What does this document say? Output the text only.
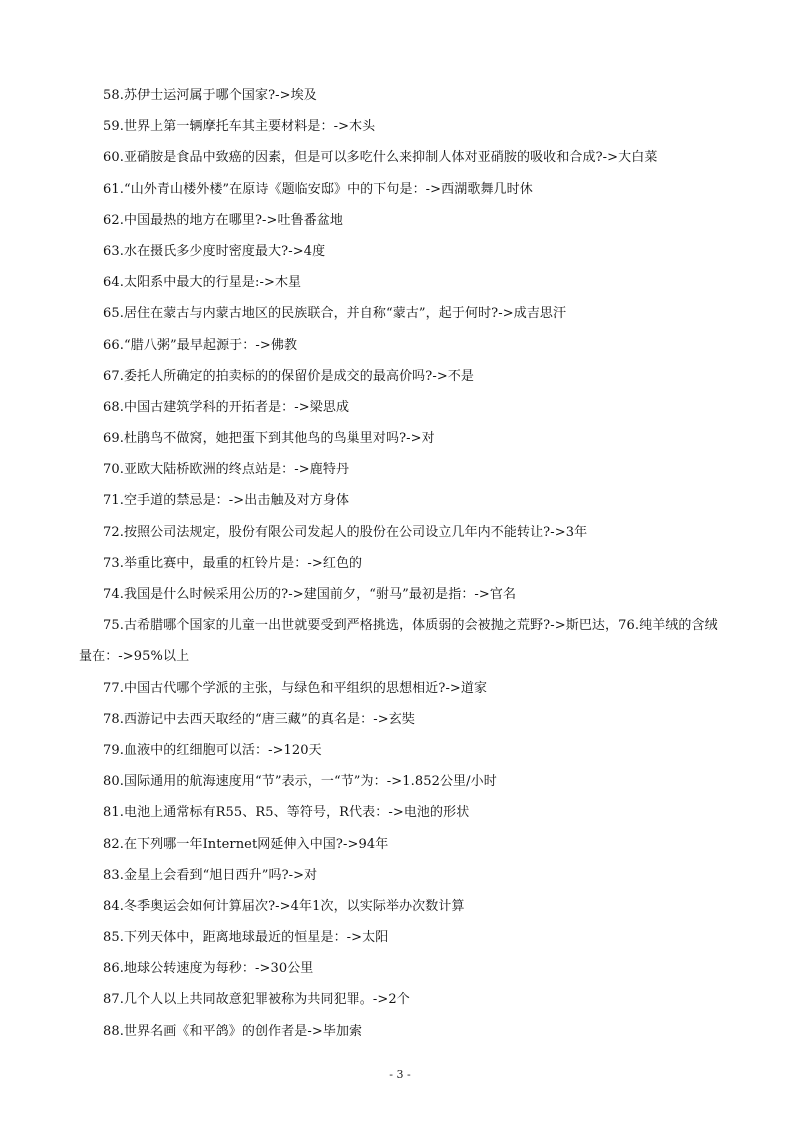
58.苏伊士运河属于哪个国家?->埃及
59.世界上第一辆摩托车其主要材料是：->木头
60.亚硝胺是食品中致癌的因素，但是可以多吃什么来抑制人体对亚硝胺的吸收和合成?->大白菜
61.“山外青山楼外楼”在原诗《题临安邸》中的下句是：->西湖歌舞几时休
62.中国最热的地方在哪里?->吐鲁番盆地
63.水在摄氏多少度时密度最大?->4度
64.太阳系中最大的行星是:->木星
65.居住在蒙古与内蒙古地区的民族联合，并自称“蒙古”，起于何时?->成吉思汗
66.“腊八粥”最早起源于：->佛教
67.委托人所确定的拍卖标的的保留价是成交的最高价吗?->不是
68.中国古建筑学科的开拓者是：->梁思成
69.杜鹃鸟不做窝，她把蛋下到其他鸟的鸟巢里对吗?->对
70.亚欧大陆桥欧洲的终点站是：->鹿特丹
71.空手道的禁忌是：->出击触及对方身体
72.按照公司法规定，股份有限公司发起人的股份在公司设立几年内不能转让?->3年
73.举重比赛中，最重的杠铃片是：->红色的
74.我国是什么时候采用公历的?->建国前夕，“驸马”最初是指：->官名
75.古希腊哪个国家的儿童一出世就要受到严格挑选，体质弱的会被抛之荒野?->斯巴达，76.纯羊绒的含绒
量在：->95%以上
77.中国古代哪个学派的主张，与绿色和平组织的思想相近?->道家
78.西游记中去西天取经的“唐三藏”的真名是：->玄奘
79.血液中的红细胞可以活：->120天
80.国际通用的航海速度用“节”表示，一“节”为：->1.852公里/小时
81.电池上通常标有R55、R5、等符号，R代表：->电池的形状
82.在下列哪一年Internet网延伸入中国?->94年
83.金星上会看到“旭日西升”吗?->对
84.冬季奥运会如何计算届次?->4年1次，以实际举办次数计算
85.下列天体中，距离地球最近的恒星是：->太阳
86.地球公转速度为每秒：->30公里
87.几个人以上共同故意犯罪被称为共同犯罪。->2个
88.世界名画《和平鸽》的创作者是->毕加索
- 3 -
